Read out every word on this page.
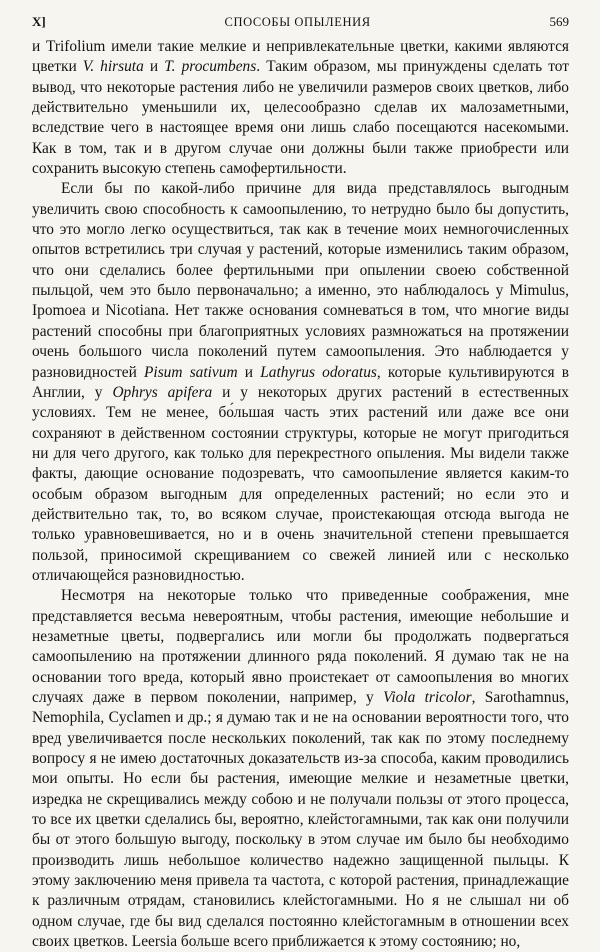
X]	СПОСОБЫ ОПЫЛЕНИЯ	569

и Trifolium имели такие мелкие и непривлекательные цветки, какими являются цветки V. hirsuta и T. procumbens. Таким образом, мы принуждены сделать тот вывод, что некоторые растения либо не увеличили размеров своих цветков, либо действительно уменьшили их, целесообразно сделав их малозаметными, вследствие чего в настоящее время они лишь слабо посещаются насекомыми. Как в том, так и в другом случае они должны были также приобрести или сохранить высокую степень самофертильности.

Если бы по какой-либо причине для вида представлялось выгодным увеличить свою способность к самоопылению, то нетрудно было бы допустить, что это могло легко осуществиться, так как в течение моих немногочисленных опытов встретились три случая у растений, которые изменились таким образом, что они сделались более фертильными при опылении своею собственной пыльцой, чем это было первоначально; а именно, это наблюдалось у Mimulus, Ipomoea и Nicotiana. Нет также основания сомневаться в том, что многие виды растений способны при благоприятных условиях размножаться на протяжении очень большого числа поколений путем самоопыления. Это наблюдается у разновидностей Pisum sativum и Lathyrus odoratus, которые культивируются в Англии, у Ophrys apifera и у некоторых других растений в естественных условиях. Тем не менее, бо́льшая часть этих растений или даже все они сохраняют в действенном состоянии структуры, которые не могут пригодиться ни для чего другого, как только для перекрестного опыления. Мы видели также факты, дающие основание подозревать, что самоопыление является каким-то особым образом выгодным для определенных растений; но если это и действительно так, то, во всяком случае, проистекающая отсюда выгода не только уравновешивается, но и в очень значительной степени превышается пользой, приносимой скрещиванием со свежей линией или с несколько отличающейся разновидностью.

Несмотря на некоторые только что приведенные соображения, мне представляется весьма невероятным, чтобы растения, имеющие небольшие и незаметные цветы, подвергались или могли бы продолжать подвергаться самоопылению на протяжении длинного ряда поколений. Я думаю так не на основании того вреда, который явно проистекает от самоопыления во многих случаях даже в первом поколении, например, у Viola tricolor, Sarothamnus, Nemophila, Cyclamen и др.; я думаю так и не на основании вероятности того, что вред увеличивается после нескольких поколений, так как по этому последнему вопросу я не имею достаточных доказательств из-за способа, каким проводились мои опыты. Но если бы растения, имеющие мелкие и незаметные цветки, изредка не скрещивались между собою и не получали пользы от этого процесса, то все их цветки сделались бы, вероятно, клейстогамными, так как они получили бы от этого большую выгоду, поскольку в этом случае им было бы необходимо производить лишь небольшое количество надежно защищенной пыльцы. К этому заключению меня привела та частота, с которой растения, принадлежащие к различным отрядам, становились клейстогамными. Но я не слышал ни об одном случае, где бы вид сделался постоянно клейстогамным в отношении всех своих цветков. Leersia больше всего приближается к этому состоянию; но,
